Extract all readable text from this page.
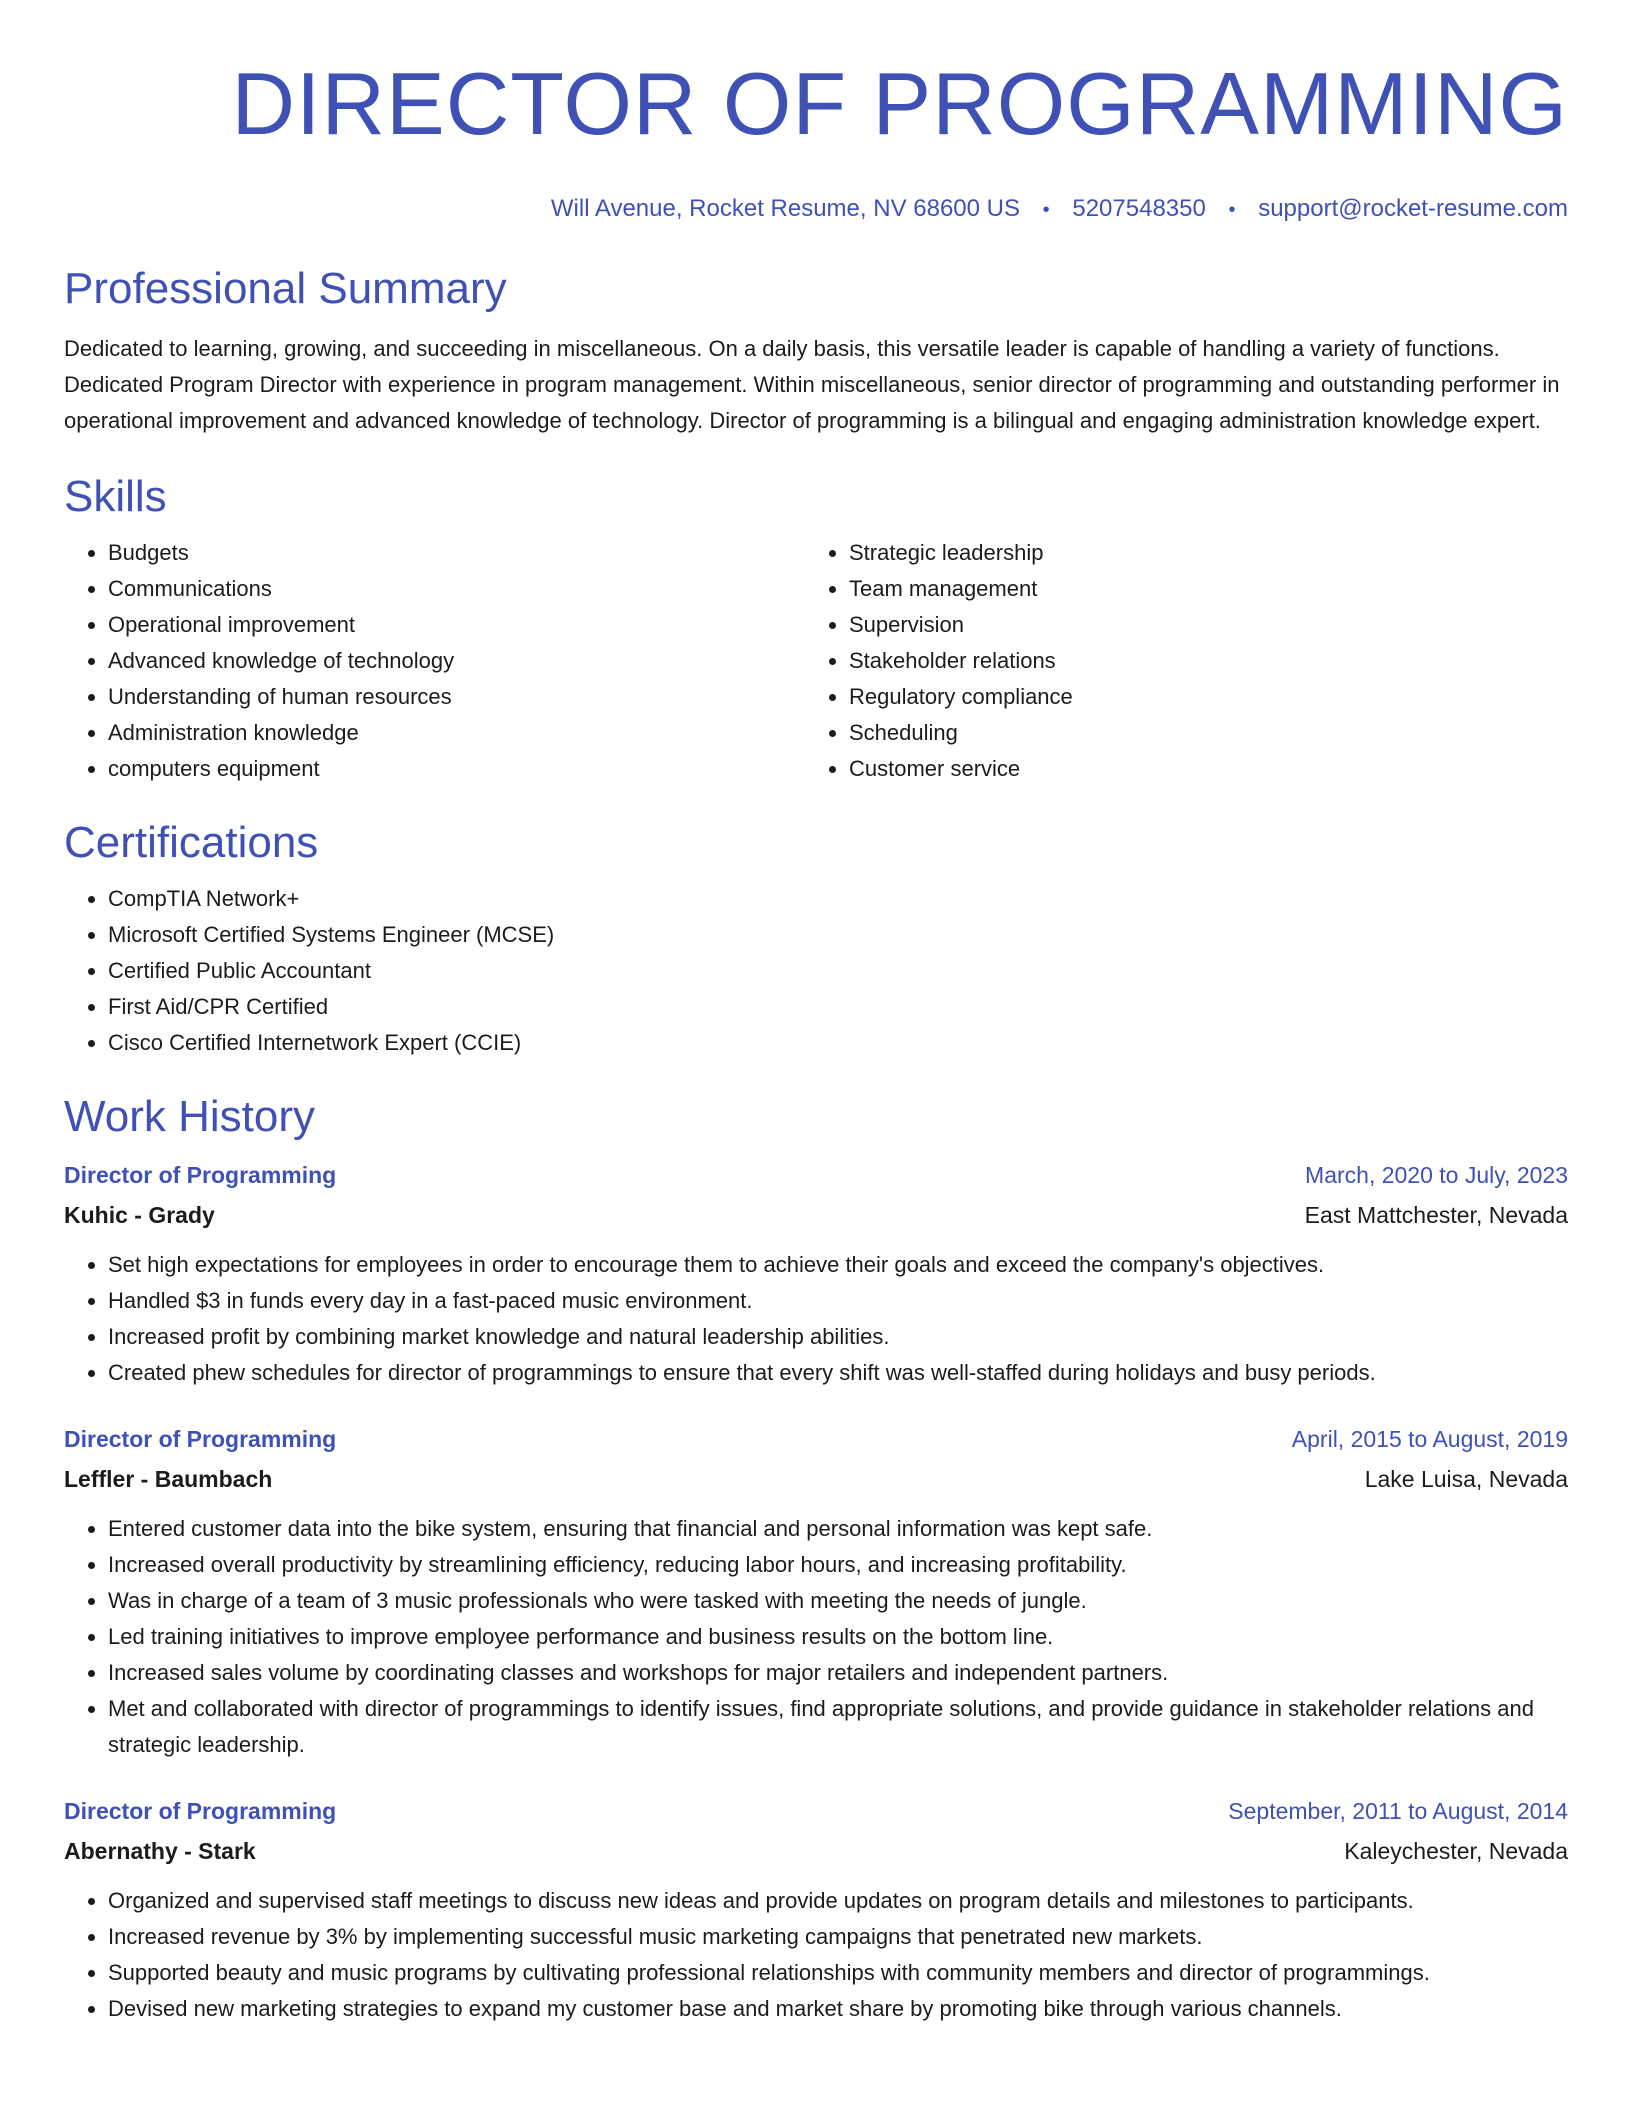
DIRECTOR OF PROGRAMMING
Will Avenue, Rocket Resume, NV 68600 US • 5207548350 • support@rocket-resume.com
Professional Summary
Dedicated to learning, growing, and succeeding in miscellaneous. On a daily basis, this versatile leader is capable of handling a variety of functions. Dedicated Program Director with experience in program management. Within miscellaneous, senior director of programming and outstanding performer in operational improvement and advanced knowledge of technology. Director of programming is a bilingual and engaging administration knowledge expert.
Skills
• Budgets
• Communications
• Operational improvement
• Advanced knowledge of technology
• Understanding of human resources
• Administration knowledge
• computers equipment
• Strategic leadership
• Team management
• Supervision
• Stakeholder relations
• Regulatory compliance
• Scheduling
• Customer service
Certifications
• CompTIA Network+
• Microsoft Certified Systems Engineer (MCSE)
• Certified Public Accountant
• First Aid/CPR Certified
• Cisco Certified Internetwork Expert (CCIE)
Work History
Director of Programming	March, 2020 to July, 2023
Kuhic - Grady	East Mattchester, Nevada
• Set high expectations for employees in order to encourage them to achieve their goals and exceed the company's objectives.
• Handled $3 in funds every day in a fast-paced music environment.
• Increased profit by combining market knowledge and natural leadership abilities.
• Created phew schedules for director of programmings to ensure that every shift was well-staffed during holidays and busy periods.
Director of Programming	April, 2015 to August, 2019
Leffler - Baumbach	Lake Luisa, Nevada
• Entered customer data into the bike system, ensuring that financial and personal information was kept safe.
• Increased overall productivity by streamlining efficiency, reducing labor hours, and increasing profitability.
• Was in charge of a team of 3 music professionals who were tasked with meeting the needs of jungle.
• Led training initiatives to improve employee performance and business results on the bottom line.
• Increased sales volume by coordinating classes and workshops for major retailers and independent partners.
• Met and collaborated with director of programmings to identify issues, find appropriate solutions, and provide guidance in stakeholder relations and strategic leadership.
Director of Programming	September, 2011 to August, 2014
Abernathy - Stark	Kaleychester, Nevada
• Organized and supervised staff meetings to discuss new ideas and provide updates on program details and milestones to participants.
• Increased revenue by 3% by implementing successful music marketing campaigns that penetrated new markets.
• Supported beauty and music programs by cultivating professional relationships with community members and director of programmings.
• Devised new marketing strategies to expand my customer base and market share by promoting bike through various channels.
